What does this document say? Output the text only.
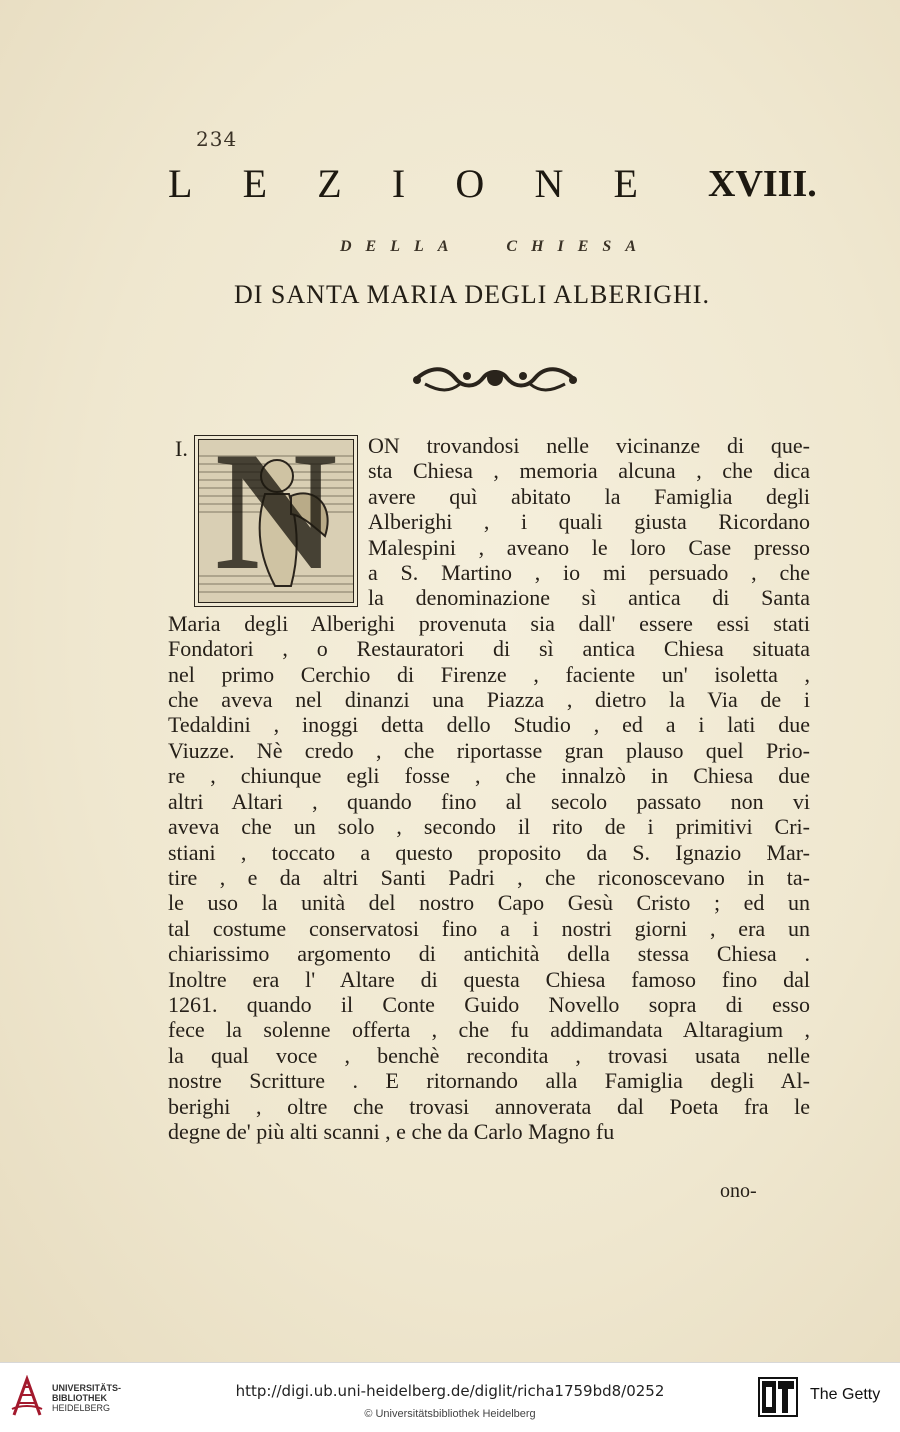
234
L E Z I O N E XVIII.
DELLA	CHIESA
DI SANTA MARIA DEGLI ALBERIGHI.
I. N	ON trovandosi nelle vicinanze di que-
sta Chiesa , memoria alcuna , che dica
avere quì abitato la Famiglia degli
Alberighi , i quali giusta Ricordano
Malespini , aveano le loro Case presso
a S. Martino , io mi persuado , che
la denominazione sì antica di Santa
Maria degli Alberighi provenuta sia dall' essere essi stati
Fondatori , o Restauratori di sì antica Chiesa situata
nel primo Cerchio di Firenze , faciente un' isoletta ,
che aveva nel dinanzi una Piazza , dietro la Via de i
Tedaldini , inoggi detta dello Studio , ed a i lati due
Viuzze. Nè credo , che riportasse gran plauso quel Prio-
re , chiunque egli fosse , che innalzò in Chiesa due
altri Altari , quando fino al secolo passato non vi
aveva che un solo , secondo il rito de i primitivi Cri-
stiani , toccato a questo proposito da S. Ignazio Mar-
tire , e da altri Santi Padri , che riconoscevano in ta-
le uso la unità del nostro Capo Gesù Cristo ; ed un
tal costume conservatosi fino a i nostri giorni , era un
chiarissimo argomento di antichità della stessa Chiesa .
Inoltre era l' Altare di questa Chiesa famoso fino dal
1261. quando il Conte Guido Novello sopra di esso
fece la solenne offerta , che fu addimandata Altaragium ,
la qual voce , benchè recondita , trovasi usata nelle
nostre Scritture . E ritornando alla Famiglia degli Al-
berighi , oltre che trovasi annoverata dal Poeta fra le
degne de' più alti scanni , e che da Carlo Magno fu
ono-
UNIVERSITÄTS-
BIBLIOTHEK
HEIDELBERG
http://digi.ub.uni-heidelberg.de/diglit/richa1759bd8/0252
© Universitätsbibliothek Heidelberg
The Getty
